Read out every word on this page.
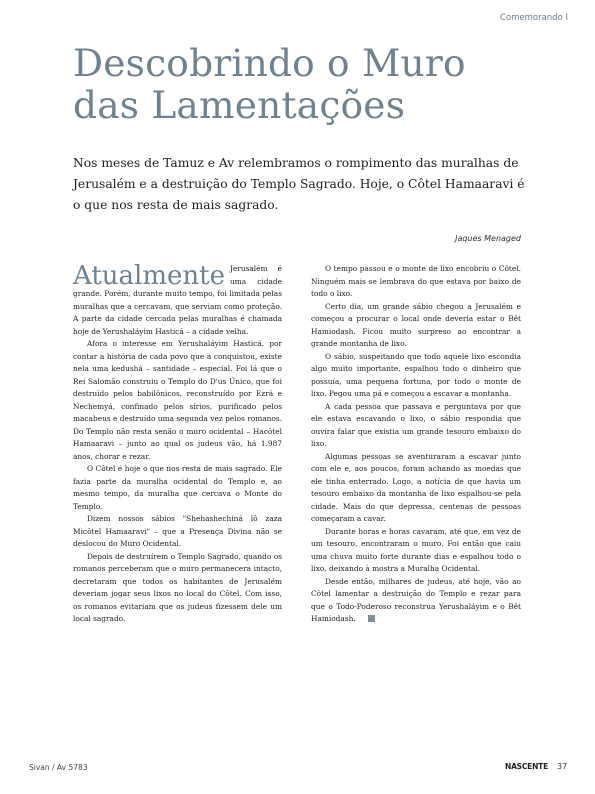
Comemorando I
Descobrindo o Muro
das Lamentações

Nos meses de Tamuz e Av relembramos o rompimento das muralhas de Jerusalém e a destruição do Templo Sagrado. Hoje, o Côtel Hamaaravi é o que nos resta de mais sagrado.

Jaques Menaged
Atualmente Jerusalém é uma cidade grande. Porém, durante muito tempo, foi limitada pelas muralhas que a cercavam, que serviam como proteção. A parte da cidade cercada pelas muralhas é chamada hoje de Yerushaláyim Hasticá – a cidade velha.

Afora o interesse em Yerushaláyim Hasticá, por contar a história de cada povo que a conquistou, existe nela uma kedushá – santidade – especial. Foi lá que o Rei Salomão construiu o Templo do D'us Único, que foi destruído pelos babilônicos, reconstruído por Ezrá e Nechemyá, confinado pelos sírios, purificado pelos macabeus e destruído uma segunda vez pelos romanos. Do Templo não resta senão o muro ocidental – Hacôtel Hamaaravi – junto ao qual os judeus vão, há 1.987 anos, chorar e rezar.

O Côtel é hoje o que nos resta de mais sagrado. Ele fazia parte da muralha ocidental do Templo e, ao mesmo tempo, da muralha que cercava o Monte do Templo.

Dizem nossos sábios "Shehashechiná lô zaza Micôtel Hamaaravi" – que a Presença Divina não se deslocou do Muro Ocidental.

Depois de destruírem o Templo Sagrado, quando os romanos perceberam que o muro permanecera intacto, decretaram que todos os habitantes de Jerusalém deveriam jogar seus lixos no local do Côtel. Com isso, os romanos evitariam que os judeus fizessem dele um local sagrado.

O tempo passou e o monte de lixo encobriu o Côtel. Ninguém mais se lembrava do que estava por baixo de todo o lixo.

Certo dia, um grande sábio chegou a Jerusalém e começou a procurar o local onde deveria estar o Bêt Hamiodash. Ficou muito surpreso ao encontrar a grande montanha de lixo.

O sábio, suspeitando que todo aquele lixo escondia algo muito importante, espalhou todo o dinheiro que possuía, uma pequena fortuna, por todo o monte de lixo. Pegou uma pá e começou a escavar a montanha.

A cada pessoa que passava e perguntava por que ele estava escavando o lixo, o sábio respondia que ouvira falar que existia um grande tesouro embaixo do lixo.

Algumas pessoas se aventuraram a escavar junto com ele e, aos poucos, foram achando as moedas que ele tinha enterrado. Logo, a notícia de que havia um tesouro embaixo da montanha de lixo espalhou-se pela cidade. Mais do que depressa, centenas de pessoas começaram a cavar.

Durante horas e horas cavaram, até que, em vez de um tesouro, encontraram o muro. Foi então que caiu uma chuva muito forte durante dias e espalhou todo o lixo, deixando à mostra a Muralha Ocidental.

Desde então, milhares de judeus, até hoje, vão ao Côtel lamentar a destruição do Templo e rezar para que o Todo-Poderoso reconstrua Yerushaláyim e o Bêt Hamiodash.

Sivan / Av 5783	NASCENTE 37
